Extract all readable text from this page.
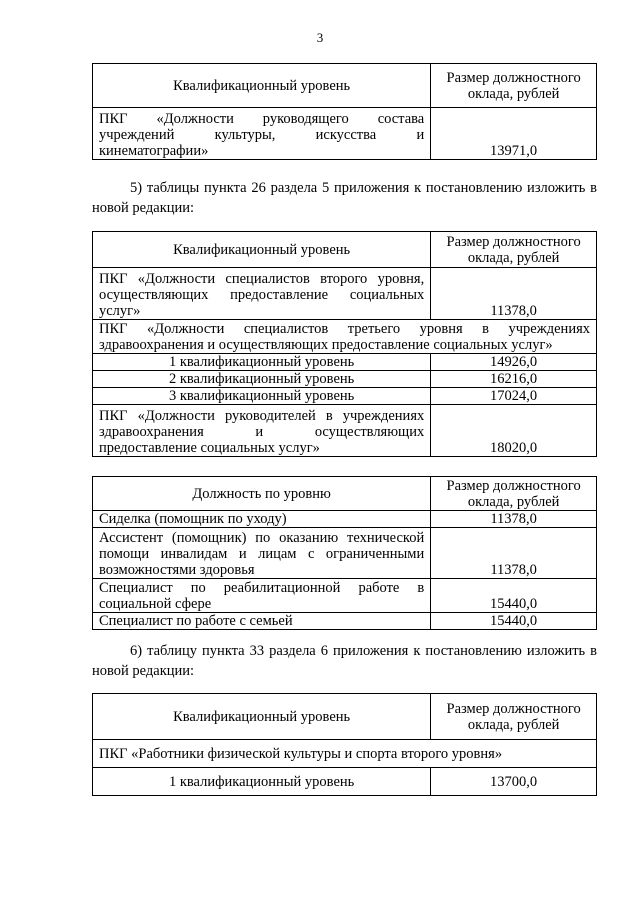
3
Квалификационный уровень	Размер должностного оклада, рублей
ПКГ «Должности руководящего состава учреждений культуры, искусства и кинематографии»	13971,0
5) таблицы пункта 26 раздела 5 приложения к постановлению изложить в новой редакции:
Квалификационный уровень	Размер должностного оклада, рублей
ПКГ «Должности специалистов второго уровня, осуществляющих предоставление социальных услуг»	11378,0
ПКГ «Должности специалистов третьего уровня в учреждениях здравоохранения и осуществляющих предоставление социальных услуг»	
1 квалификационный уровень	14926,0
2 квалификационный уровень	16216,0
3 квалификационный уровень	17024,0
ПКГ «Должности руководителей в учреждениях здравоохранения и осуществляющих предоставление социальных услуг»	18020,0
Должность по уровню	Размер должностного оклада, рублей
Сиделка (помощник по уходу)	11378,0
Ассистент (помощник) по оказанию технической помощи инвалидам и лицам с ограниченными возможностями здоровья	11378,0
Специалист по реабилитационной работе в социальной сфере	15440,0
Специалист по работе с семьей	15440,0
6) таблицу пункта 33 раздела 6 приложения к постановлению изложить в новой редакции:
Квалификационный уровень	Размер должностного оклада, рублей
ПКГ «Работники физической культуры и спорта второго уровня»	
1 квалификационный уровень	13700,0
